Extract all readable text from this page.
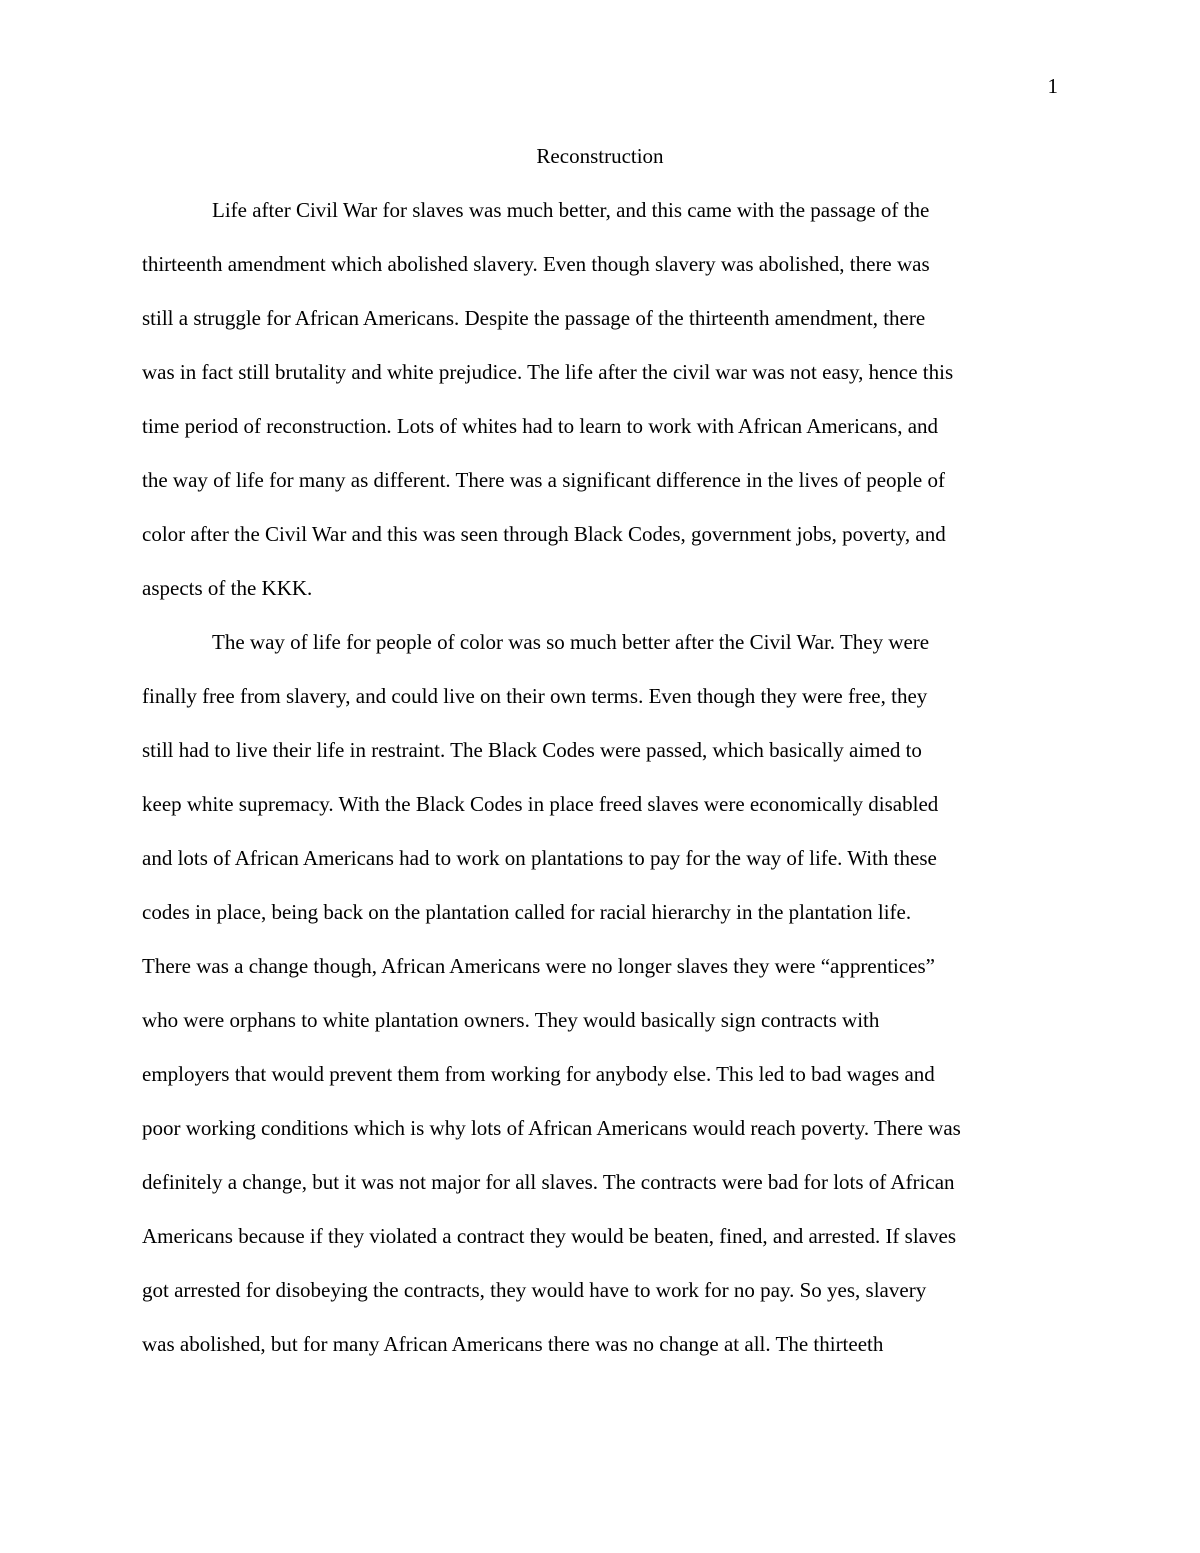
1
Reconstruction
Life after Civil War for slaves was much better, and this came with the passage of the
thirteenth amendment which abolished slavery. Even though slavery was abolished, there was
still a struggle for African Americans. Despite the passage of the thirteenth amendment, there
was in fact still brutality and white prejudice. The life after the civil war was not easy, hence this
time period of reconstruction. Lots of whites had to learn to work with African Americans, and
the way of life for many as different. There was a significant difference in the lives of people of
color after the Civil War and this was seen through Black Codes, government jobs, poverty, and
aspects of the KKK.
The way of life for people of color was so much better after the Civil War. They were
finally free from slavery, and could live on their own terms. Even though they were free, they
still had to live their life in restraint. The Black Codes were passed, which basically aimed to
keep white supremacy. With the Black Codes in place freed slaves were economically disabled
and lots of African Americans had to work on plantations to pay for the way of life. With these
codes in place, being back on the plantation called for racial hierarchy in the plantation life.
There was a change though, African Americans were no longer slaves they were “apprentices”
who were orphans to white plantation owners. They would basically sign contracts with
employers that would prevent them from working for anybody else. This led to bad wages and
poor working conditions which is why lots of African Americans would reach poverty. There was
definitely a change, but it was not major for all slaves. The contracts were bad for lots of African
Americans because if they violated a contract they would be beaten, fined, and arrested. If slaves
got arrested for disobeying the contracts, they would have to work for no pay. So yes, slavery
was abolished, but for many African Americans there was no change at all. The thirteeth
